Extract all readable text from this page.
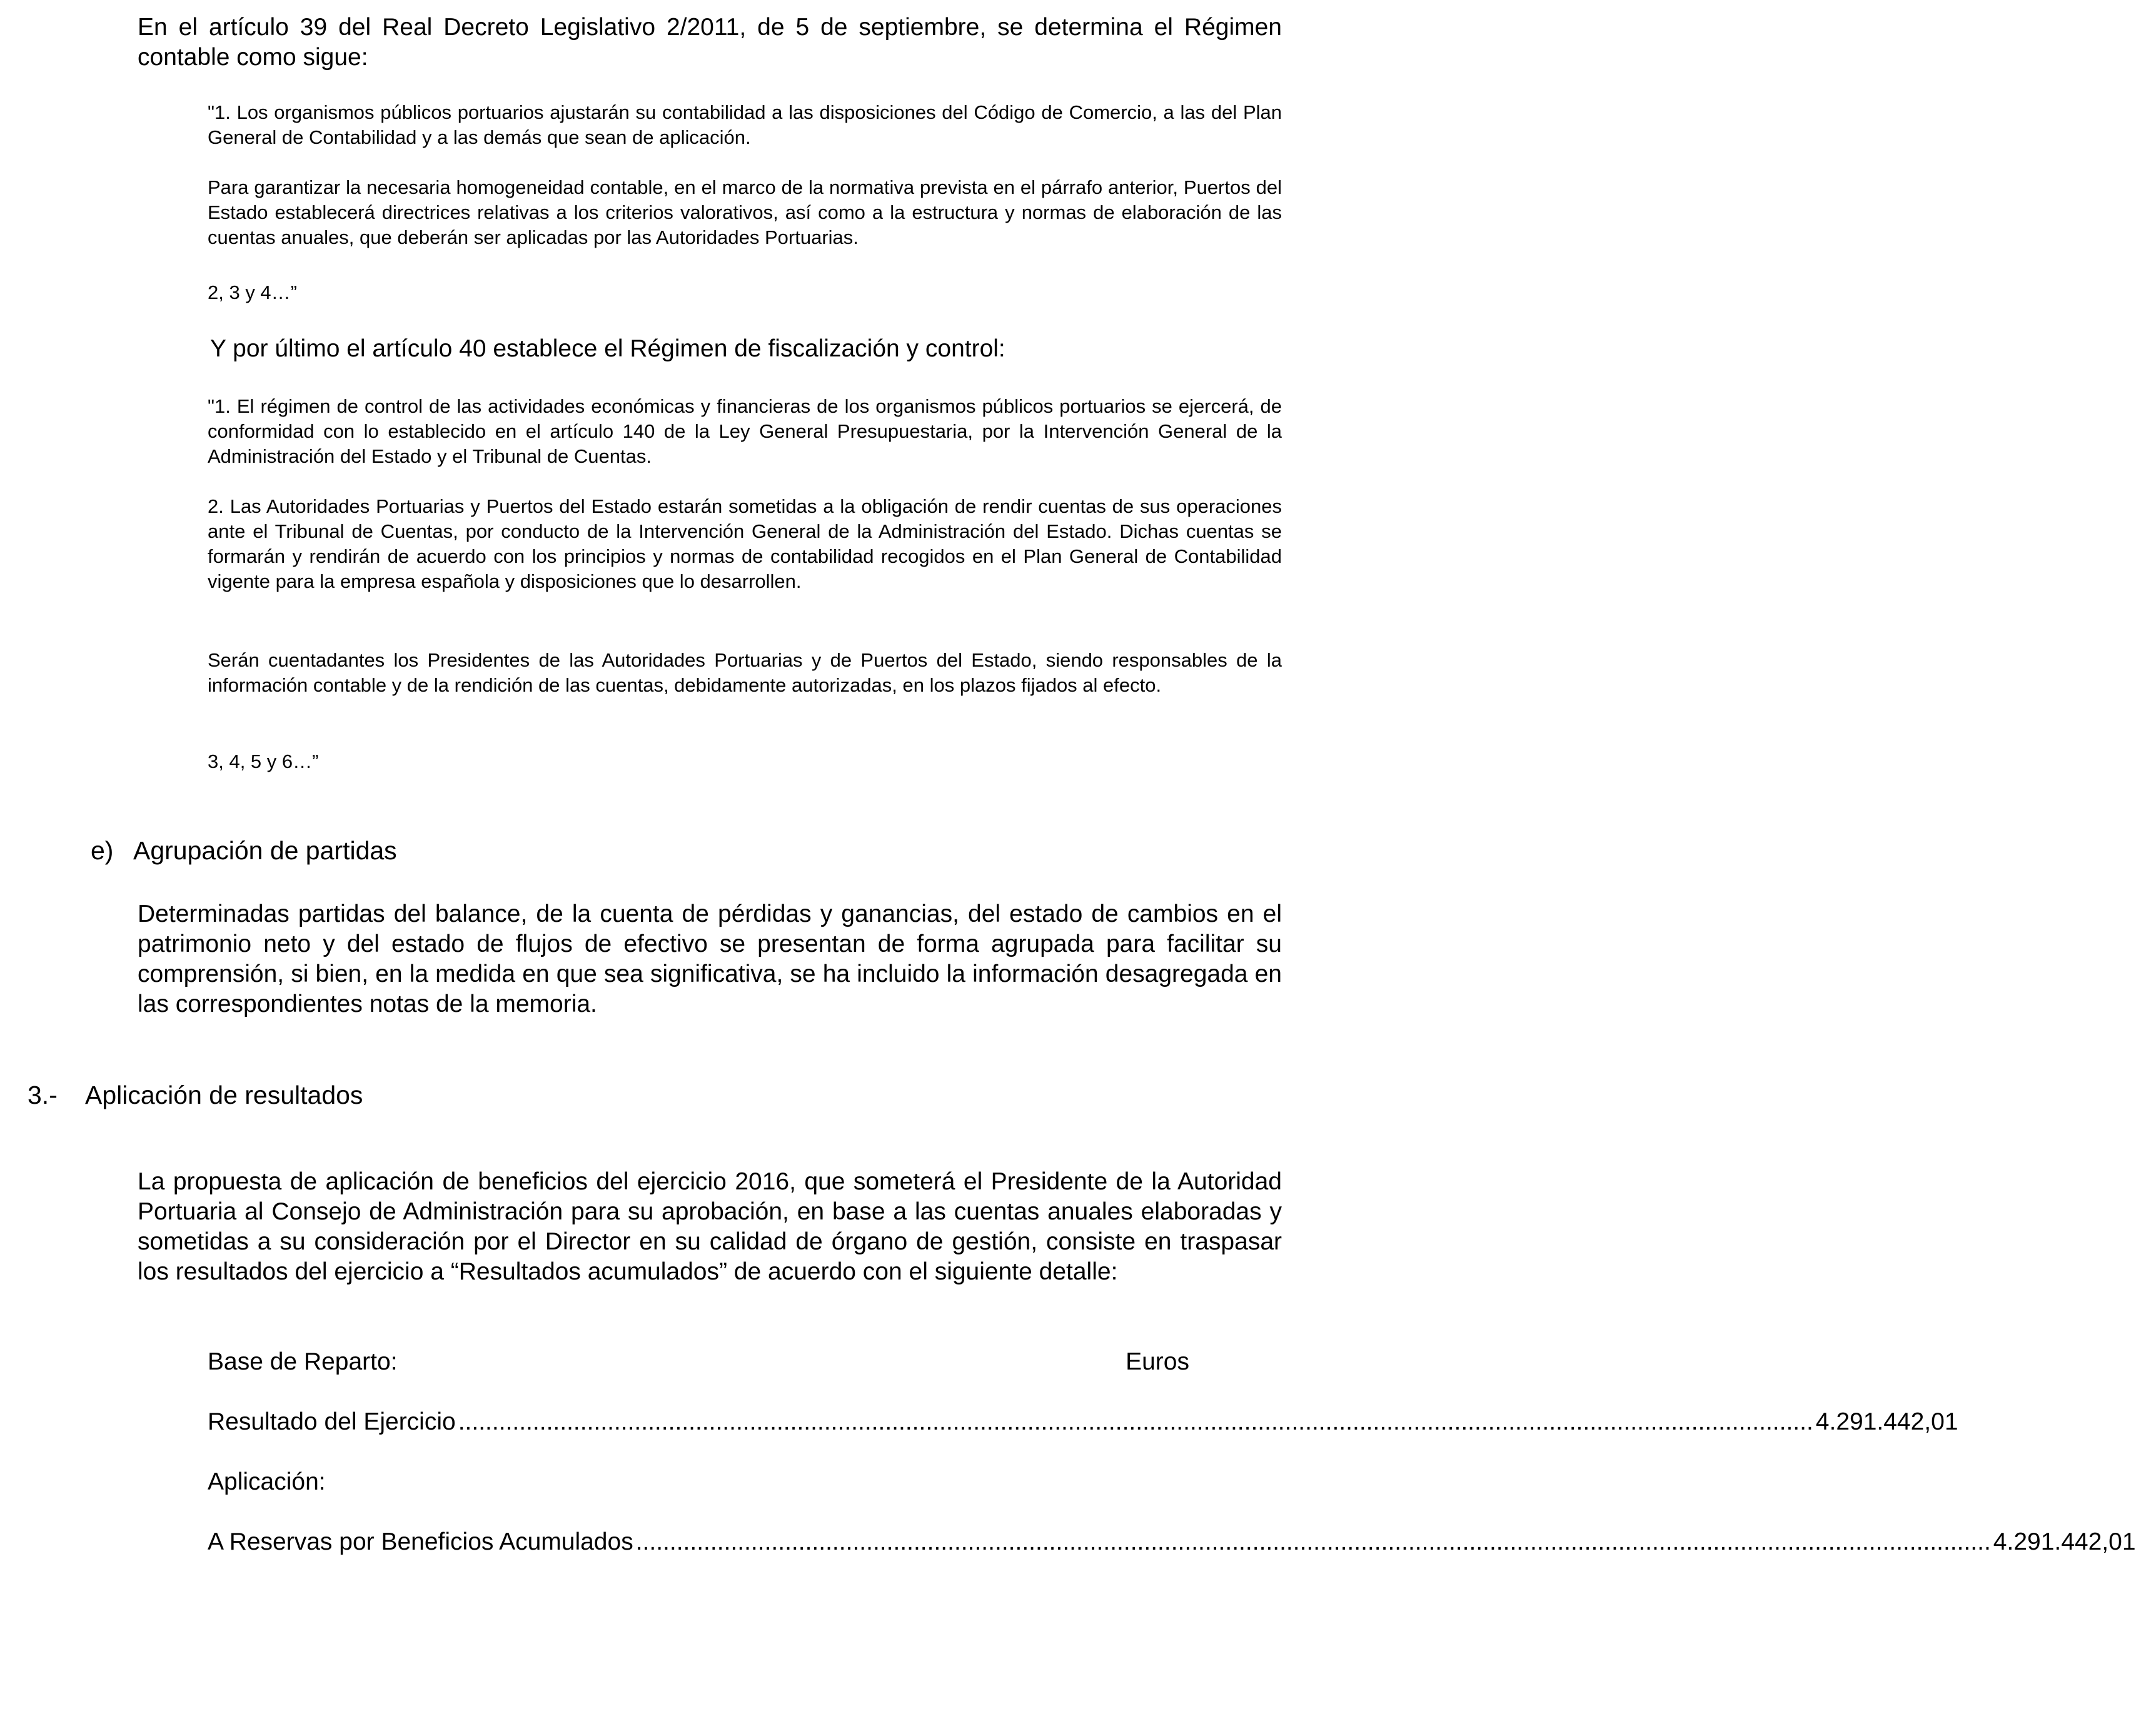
En el artículo 39 del Real Decreto Legislativo 2/2011, de 5 de septiembre, se determina el Régimen contable como sigue:

"1. Los organismos públicos portuarios ajustarán su contabilidad a las disposiciones del Código de Comercio, a las del Plan General de Contabilidad y a las demás que sean de aplicación.

Para garantizar la necesaria homogeneidad contable, en el marco de la normativa prevista en el párrafo anterior, Puertos del Estado establecerá directrices relativas a los criterios valorativos, así como a la estructura y normas de elaboración de las cuentas anuales, que deberán ser aplicadas por las Autoridades Portuarias.

2, 3 y 4…”

Y por último el artículo 40 establece el Régimen de fiscalización y control:

"1. El régimen de control de las actividades económicas y financieras de los organismos públicos portuarios se ejercerá, de conformidad con lo establecido en el artículo 140 de la Ley General Presupuestaria, por la Intervención General de la Administración del Estado y el Tribunal de Cuentas.

2. Las Autoridades Portuarias y Puertos del Estado estarán sometidas a la obligación de rendir cuentas de sus operaciones ante el Tribunal de Cuentas, por conducto de la Intervención General de la Administración del Estado. Dichas cuentas se formarán y rendirán de acuerdo con los principios y normas de contabilidad recogidos en el Plan General de Contabilidad vigente para la empresa española y disposiciones que lo desarrollen.

Serán cuentadantes los Presidentes de las Autoridades Portuarias y de Puertos del Estado, siendo responsables de la información contable y de la rendición de las cuentas, debidamente autorizadas, en los plazos fijados al efecto.

3, 4, 5 y 6…”

e) Agrupación de partidas

Determinadas partidas del balance, de la cuenta de pérdidas y ganancias, del estado de cambios en el patrimonio neto y del estado de flujos de efectivo se presentan de forma agrupada para facilitar su comprensión, si bien, en la medida en que sea significativa, se ha incluido la información desagregada en las correspondientes notas de la memoria.

3.- Aplicación de resultados

La propuesta de aplicación de beneficios del ejercicio 2016, que someterá el Presidente de la Autoridad Portuaria al Consejo de Administración para su aprobación, en base a las cuentas anuales elaboradas y sometidas a su consideración por el Director en su calidad de órgano de gestión, consiste en traspasar los resultados del ejercicio a “Resultados acumulados” de acuerdo con el siguiente detalle:

Base de Reparto:	Euros
Resultado del Ejercicio ........................................................................................................................................................................................................ 4.291.442,01
Aplicación:
A Reservas por Beneficios Acumulados ........................................................................................................................................................................................................ 4.291.442,01
